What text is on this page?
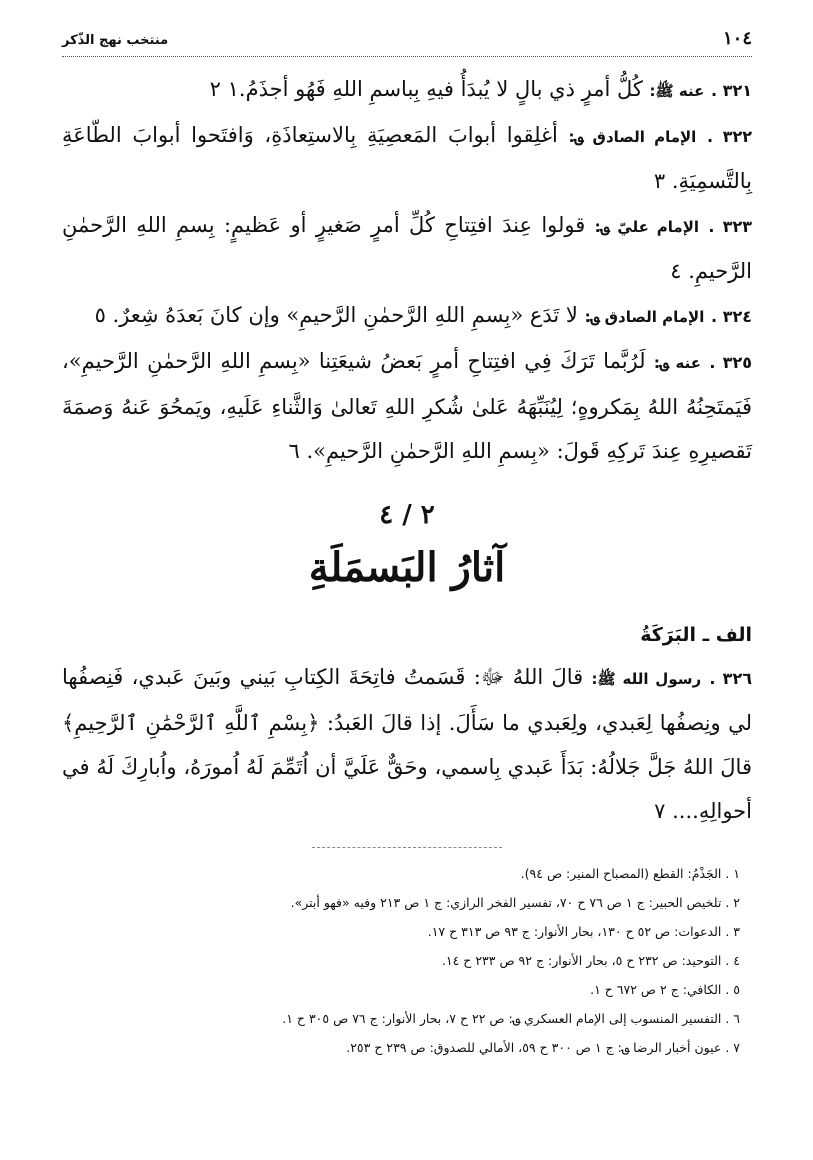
١٠٤
منتخب نهج الذّكر

٣٢١ . عنه ﷺ: كُلُّ أمرٍ ذي بالٍ لا يُبدَأُ فيهِ بِباسمِ اللهِ فَهُو أجذَمُ.١ ٢

٣٢٢ . الإمام الصادق ؈: أغلِقوا أبوابَ المَعصِيَةِ بِالاستِعاذَةِ، وَافتَحوا أبوابَ الطّاعَةِ بِالتَّسمِيَةِ. ٣

٣٢٣ . الإمام عليّ ؈: قولوا عِندَ افتِتاحِ كُلِّ أمرٍ صَغيرٍ أو عَظيمٍ: بِسمِ اللهِ الرَّحمٰنِ الرَّحيمِ. ٤

٣٢٤ . الإمام الصادق ؈: لا تَدَع «بِسمِ اللهِ الرَّحمٰنِ الرَّحيمِ» وإن كانَ بَعدَهُ شِعرٌ. ٥

٣٢٥ . عنه ؈: لَرُبَّما تَرَكَ فِي افتِتاحِ أمرٍ بَعضُ شيعَتِنا «بِسمِ اللهِ الرَّحمٰنِ الرَّحيمِ»، فَيَمتَحِنُهُ اللهُ بِمَكروهٍ؛ لِيُنَبِّهَهُ عَلىٰ شُكرِ اللهِ تَعالىٰ وَالثَّناءِ عَلَيهِ، ويَمحُوَ عَنهُ وَصمَةَ تَقصيرِهِ عِندَ تَركِهِ قَولَ: «بِسمِ اللهِ الرَّحمٰنِ الرَّحيمِ». ٦

٢ / ٤
آثارُ البَسمَلَةِ
الف ـ البَرَكَةُ

٣٢٦ . رسول الله ﷺ: قالَ اللهُ ﷻ: قَسَمتُ فاتِحَةَ الكِتابِ بَيني وبَينَ عَبدي، فَنِصفُها لي ونِصفُها لِعَبدي، ولِعَبدي ما سَأَلَ. إذا قالَ العَبدُ: ﴿بِسْمِ ٱللَّهِ ٱلرَّحْمَٰنِ ٱلرَّحِيمِ﴾ قالَ اللهُ جَلَّ جَلالُهُ: بَدَأَ عَبدي بِاسمي، وحَقٌّ عَلَيَّ أن اُتَمِّمَ لَهُ اُمورَهُ، واُبارِكَ لَهُ في أحوالِهِ.... ٧

١ . الجَذْمُ: القطع (المصباح المنير: ص ٩٤).
٢ . تلخيص الحبير: ج ١ ص ٧٦ ح ٧٠، تفسير الفخر الرازي: ج ١ ص ٢١٣ وفيه «فهو أبتر».
٣ . الدعوات: ص ٥٢ ح ١٣٠، بحار الأنوار: ج ٩٣ ص ٣١٣ ح ١٧.
٤ . التوحيد: ص ٢٣٢ ح ٥، بحار الأنوار: ج ٩٢ ص ٢٣٣ ح ١٤.
٥ . الكافي: ج ٢ ص ٦٧٢ ح ١.
٦ . التفسير المنسوب إلى الإمام العسكري ؈: ص ٢٢ ح ٧، بحار الأنوار: ج ٧٦ ص ٣٠٥ ح ١.
٧ . عيون أخبار الرضا ؈: ج ١ ص ٣٠٠ ح ٥٩، الأمالي للصدوق: ص ٢٣٩ ح ٢٥٣.
